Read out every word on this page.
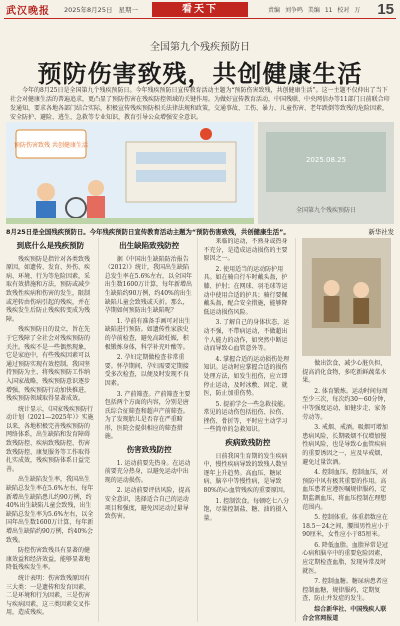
武汉晚报 2025年8月25日 星期一	看天下	责编 刘争鸣 美编 11 校对 万 15
全国第九个残疾预防日
预防伤害致残，共创健康生活
今年的8月25日是全国第九个残疾预防日。今年残疾预防日宣传教育活动主题为“预防伤害致残，共创健康生活”。这一主题不仅仲出了当下社会对健康生活的普遍追求，更凸显了预防伤害在残疾防控领域的关键作用。为做好宣传教育活动，中国残联、中央网信办等11部门日前联合印发通知，要求各地各部门结合实际，积极宣传残疾预防相关法律法规和政策，交通事故、工伤、暴力、儿童伤害、老年跌倒等致残的危险因素，安全防护、避险、逃生、急救等专业知识，教育引导公众增强安全意识。
预防伤害致残 共创健康生活
2025.08.25
全国第九个残疾预防日
8月25日是全国残疾预防日。今年残疾预防日宣传教育活动主题为“预防伤害致残，共创健康生活”。	新华社发
到底什么是残疾预防

残疾预防是指针对各类致残原因，如遗传、发育、外伤、疾病、环境、行为等危险因素，采取有效措施和方法，预防或减少致残性疾病和伤害的发生，限制或逆转由伤病引起的残疾，并在残疾发生后防止残疾转变成为残障。

残疾预防日的设立，旨在先于它残障了全社会对残疾预防的关注。残疾不是一些偶然现象，它是家庭中，有些残疾因素可以通过预防实现有效控制。我国坚持预防为主、将残疾预防工作纳入国家战略，残疾预防意识逐步增强，残疾预防行动加快推进，残疾预防领域取得显著成效。

统计显示，《国家残疾预防行动计划（2021—2025年）》实施以来，各地积极完善残疾预防的网络体系，出生缺陷和发育障碍致残防控、疾病致残防控、伤害致残防控、康复服务等工作取得扎实成效，残疾预防体系日益完善。

出生缺陷发生率，我国出生缺陷总发生率在5.6%左右，每年新增出生缺陷患儿约90万例，约40%出生缺陷儿童会致残，出生缺陷总发生率为5.6%左右，以全国年出生数1600万计算，每年新增出生缺陷约90万例，约40%会致残。

防控伤害致残具有显著的健康效益和经济效益，能够显著地降低残疾发生率。

统计表明：伤害致残原因有三大类：一是遗传和发育因素，二是环境和行为因素，三是伤害与疾病因素，这三类因素交叉作用，造成残疾。

出生缺陷致残防控

据《中国出生缺陷防治报告（2012）》统计，我国出生缺陷总发生率在5.6%左右，以全国年出生数1600万计算，每年新增出生缺陷约90万例，约40%的出生缺陷儿童会致残或夭折。那么，孕期如何预防出生缺陷呢？

1. 孕前有准备手画可对出生缺陷进行预防。如遗传性家族史的孕前检查，避免高龄妊娠，积极锻炼身体，科学补充叶酸等。

2. 孕妇定期做检查非常重要。怀孕期间，孕妇需要定期接受多次检查，以便及时发现不良因素。

3. 产前筛查。产前筛查主要包括两个方面的内容，分别是唐氏综合征筛查和超声产前筛查。为了发现胎儿是否存在严重畸形，医院会提供相应的筛查措施。

伤害致残防控

1. 运动前要先热身。在运动前要充分热身，以避免运动中出现的运动损伤。

2. 运动前要评估风险，提高安全意识，选择适合自己的运动项目和强度，避免因运动过量导致伤害。

来临的运动，不熟身或热身不充分，是造成运动损伤的主要原因之一。

2. 使用适当的运动防护用具。如在骑自行车时戴头盔，护膝、护肘；在网球、羽毛球等运动中使用合适的护具；骑行要佩戴头盔，配合安全措施，能够降低运动损伤风险。

3. 了解自己的身体状态，运动不强，不带病运动，不做超出个人能力的动作，如突然中断运动而导致心血管意外等。

4. 掌握合适的运动损伤处理知识。运动时应掌握合适的损伤处理方法，如发生扭伤，应立即停止运动，及时冰敷、固定、就医，防止加重伤势。

5. 提前学会一些急救技能。常见的运动伤包括扭伤、拉伤、挫伤、骨折等，平时应主动学习一些简单的急救知识。

疾病致残防控

日前我国生育期的发生疾病中，慢性疾病导致的致残人数呈逐年上升趋势。高血压、糖尿病、脑卒中等慢性病，是导致80%的心血管残疾的重要原因。

1. 控制饮食。每顿吃七八分饱，尽量控制盐、糖、油的摄入量。

做出饮食，减少心脏负担，提高消化食物，多吃新鲜蔬菜水果。

2. 体育锻炼。运动时间每周至少三次，每次约30～60分钟，中等强度运动，如健步走、家务劳动等。

3. 戒烟、戒酒。吸烟可增加患病风险，长期吸烟不仅增加慢性病风险，也是导致心血管疾病的重要诱因之一，应及早戒烟，避免过量饮酒。

4. 控制血压。控制血压，对预防中风有极其重要的作用。高血压患者应遵医嘱规律服药，定期监测血压，将血压控制在理想范围内。

5. 控制体重。体重指数应在18.5～24之间，腰围男性应小于90厘米，女性应小于85厘米。

6. 降低血脂。血脂异常是冠心病和脑卒中的重要危险因素，应定期检查血脂，发现异常及时就医。

7. 控制血糖。糖尿病患者应控制血糖，规律服药，定期复查，防止并发症的发生。

综合新华社、中国残疾人联合会官网报道
